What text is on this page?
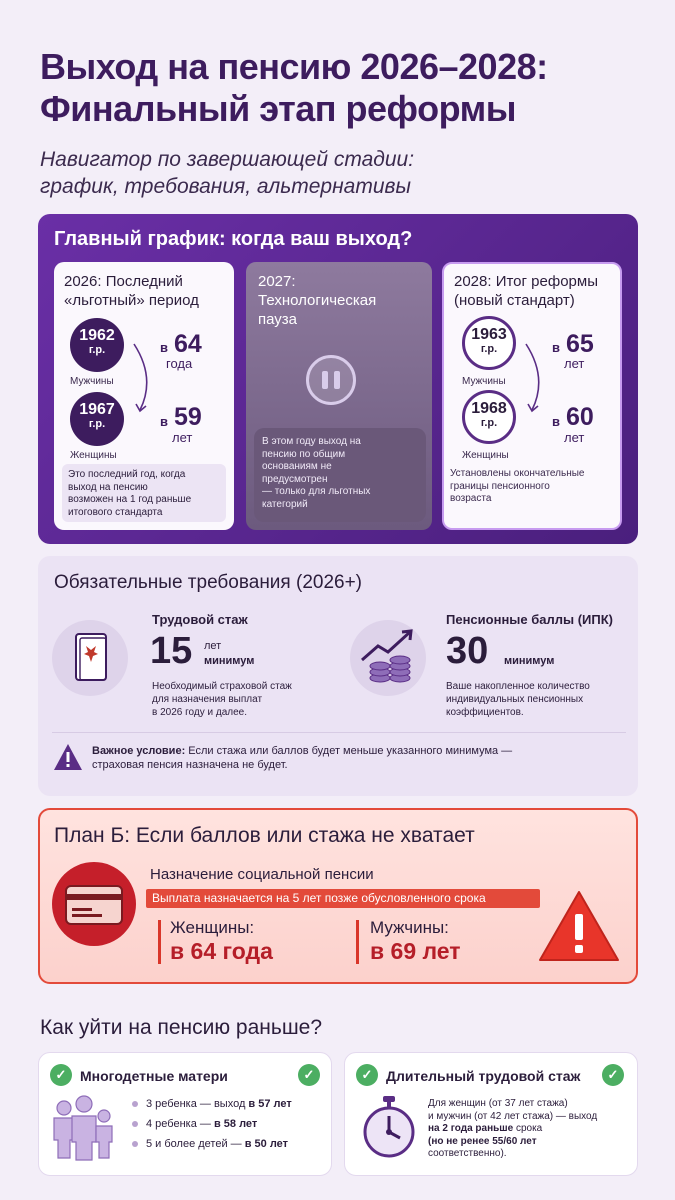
Выход на пенсию 2026–2028:
Финальный этап реформы
Навигатор по завершающей стадии:
график, требования, альтернативы
Главный график: когда ваш выход?
2026: Последний
«льготный» период
1962
г.р.
Мужчины
в 64
года
1967
г.р.
Женщины
в 59
лет
Это последний год, когда
выход на пенсию
возможен на 1 год раньше
итогового стандарта
2027:
Технологическая
пауза
В этом году выход на
пенсию по общим
основаниям не
предусмотрен
— только для льготных
категорий
2028: Итог реформы
(новый стандарт)
1963
г.р.
Мужчины
в 65
лет
1968
г.р.
Женщины
в 60
лет
Установлены окончательные
границы пенсионного
возраста
Обязательные требования (2026+)
Трудовой стаж
15 лет
минимум
Необходимый страховой стаж
для назначения выплат
в 2026 году и далее.
Пенсионные баллы (ИПК)
30 минимум
Ваше накопленное количество
индивидуальных пенсионных
коэффициентов.
Важное условие: Если стажа или баллов будет меньше указанного минимума —
страховая пенсия назначена не будет.
План Б: Если баллов или стажа не хватает
Назначение социальной пенсии
Выплата назначается на 5 лет позже обусловленного срока
Женщины:
в 64 года
Мужчины:
в 69 лет
Как уйти на пенсию раньше?
✓ Многодетные матери	✓
3 ребенка — выход в 57 лет
4 ребенка — в 58 лет
5 и более детей — в 50 лет
✓ Длительный трудовой стаж	✓
Для женщин (от 37 лет стажа)
и мужчин (от 42 лет стажа) — выход
на 2 года раньше срока
(но не ренее 55/60 лет
соответственно).
